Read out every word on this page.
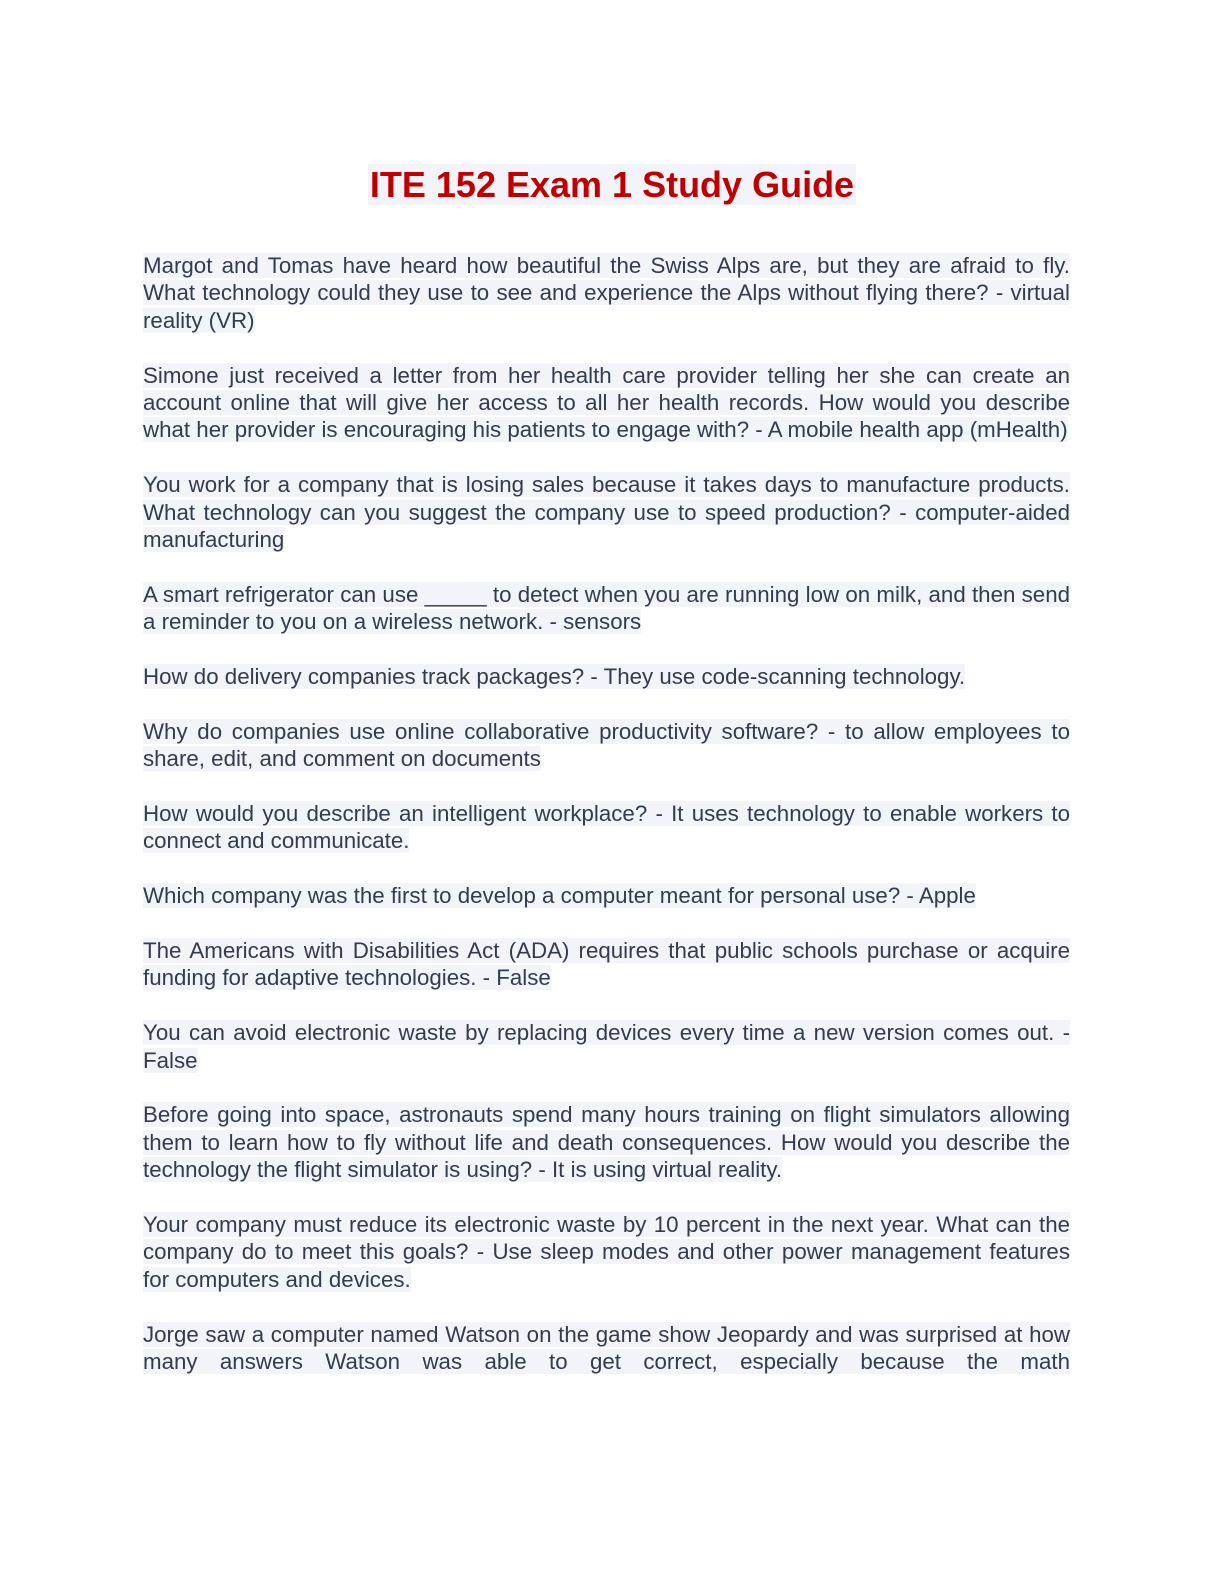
ITE 152 Exam 1 Study Guide

Margot and Tomas have heard how beautiful the Swiss Alps are, but they are afraid to fly. What technology could they use to see and experience the Alps without flying there? - virtual reality (VR)

Simone just received a letter from her health care provider telling her she can create an account online that will give her access to all her health records. How would you describe what her provider is encouraging his patients to engage with? - A mobile health app (mHealth)

You work for a company that is losing sales because it takes days to manufacture products. What technology can you suggest the company use to speed production? - computer-aided manufacturing

A smart refrigerator can use _____ to detect when you are running low on milk, and then send a reminder to you on a wireless network. - sensors

How do delivery companies track packages? - They use code-scanning technology.

Why do companies use online collaborative productivity software? - to allow employees to share, edit, and comment on documents

How would you describe an intelligent workplace? - It uses technology to enable workers to connect and communicate.

Which company was the first to develop a computer meant for personal use? - Apple

The Americans with Disabilities Act (ADA) requires that public schools purchase or acquire funding for adaptive technologies. - False

You can avoid electronic waste by replacing devices every time a new version comes out. - False

Before going into space, astronauts spend many hours training on flight simulators allowing them to learn how to fly without life and death consequences. How would you describe the technology the flight simulator is using? - It is using virtual reality.

Your company must reduce its electronic waste by 10 percent in the next year. What can the company do to meet this goals? - Use sleep modes and other power management features for computers and devices.

Jorge saw a computer named Watson on the game show Jeopardy and was surprised at how many answers Watson was able to get correct, especially because the math
